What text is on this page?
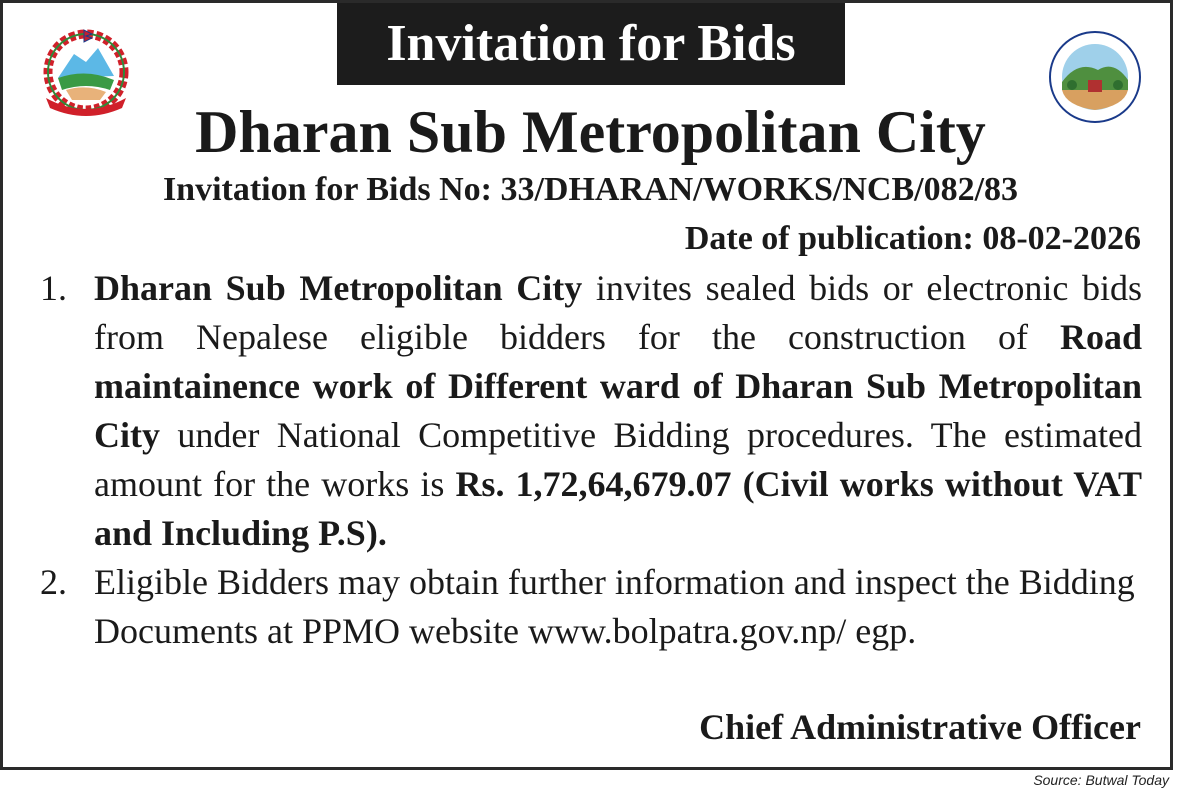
Invitation for Bids
Dharan Sub Metropolitan City
Invitation for Bids No: 33/DHARAN/WORKS/NCB/082/83
Date of publication: 08-02-2026
1. Dharan Sub Metropolitan City invites sealed bids or electronic bids from Nepalese eligible bidders for the construction of Road maintainence work of Different ward of Dharan Sub Metropolitan City under National Competitive Bidding procedures. The estimated amount for the works is Rs. 1,72,64,679.07 (Civil works without VAT and Including P.S).
2. Eligible Bidders may obtain further information and inspect the Bidding Documents at PPMO website www.bolpatra.gov.np/ egp.
Chief Administrative Officer
Source: Butwal Today
